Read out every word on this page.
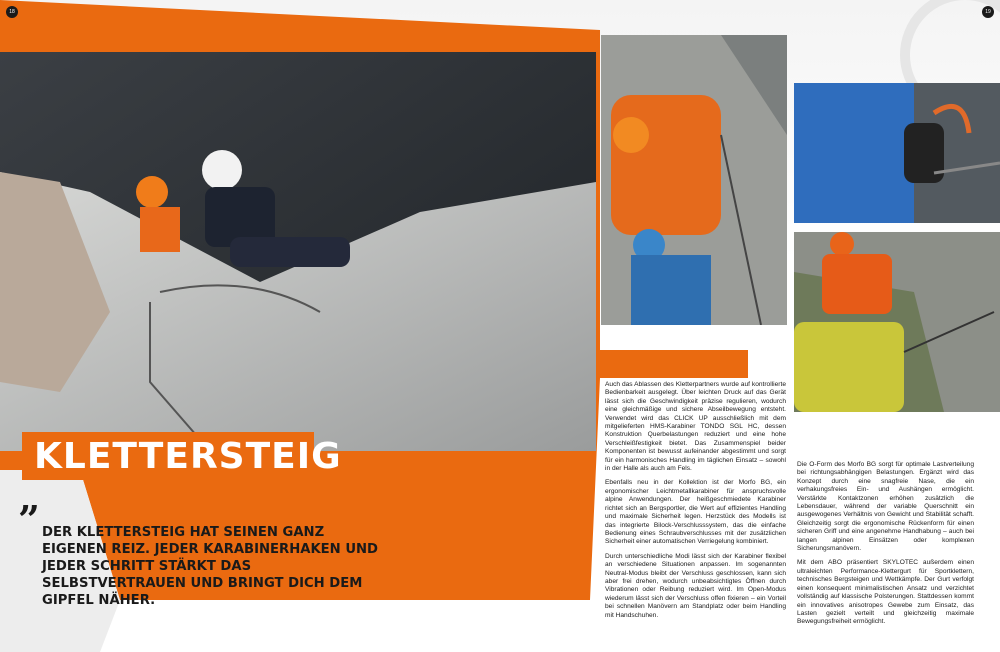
18	19
KLETTERSTEIG
” DER KLETTERSTEIG HAT SEINEN GANZ EIGENEN REIZ. JEDER KARABINERHAKEN UND JEDER SCHRITT STÄRKT DAS SELBSTVERTRAUEN UND BRINGT DICH DEM GIPFEL NÄHER.

Auch das Ablassen des Kletterpartners wurde auf kontrollierte Bedienbarkeit ausgelegt. Über leichten Druck auf das Gerät lässt sich die Geschwindigkeit präzise regulieren, wodurch eine gleichmäßige und sichere Abseilbewegung entsteht. Verwendet wird das CLICK UP ausschließlich mit dem mitgelieferten HMS-Karabiner TONDO SGL HC, dessen Konstruktion Querbelastungen reduziert und eine hohe Verschleißfestigkeit bietet. Das Zusammenspiel beider Komponenten ist bewusst aufeinander abgestimmt und sorgt für ein harmonisches Handling im täglichen Einsatz – sowohl in der Halle als auch am Fels.

Ebenfalls neu in der Kollektion ist der Morfo BG, ein ergonomischer Leichtmetallkarabiner für anspruchsvolle alpine Anwendungen. Der heißgeschmiedete Karabiner richtet sich an Bergsportler, die Wert auf effizientes Handling und maximale Sicherheit legen. Herzstück des Modells ist das integrierte Bilock-Verschlusssystem, das die einfache Bedienung eines Schraubverschlusses mit der zusätzlichen Sicherheit einer automatischen Verriegelung kombiniert.

Durch unterschiedliche Modi lässt sich der Karabiner flexibel an verschiedene Situationen anpassen. Im sogenannten Neutral-Modus bleibt der Verschluss geschlossen, kann sich aber frei drehen, wodurch unbeabsichtigtes Öffnen durch Vibrationen oder Reibung reduziert wird. Im Open-Modus wiederum lässt sich der Verschluss offen fixieren – ein Vorteil bei schnellen Manövern am Standplatz oder beim Handling mit Handschuhen.

Die O-Form des Morfo BG sorgt für optimale Lastverteilung bei richtungsabhängigen Belastungen. Ergänzt wird das Konzept durch eine snagfreie Nase, die ein verhakungsfreies Ein- und Aushängen ermöglicht. Verstärkte Kontaktzonen erhöhen zusätzlich die Lebensdauer, während der variable Querschnitt ein ausgewogenes Verhältnis von Gewicht und Stabilität schafft. Gleichzeitig sorgt die ergonomische Rückenform für einen sicheren Griff und eine angenehme Handhabung – auch bei langen alpinen Einsätzen oder komplexen Sicherungsmanövern.

Mit dem ABO präsentiert SKYLOTEC außerdem einen ultraleichten Performance-Klettergurt für Sportklettern, technisches Bergsteigen und Wettkämpfe. Der Gurt verfolgt einen konsequent minimalistischen Ansatz und verzichtet vollständig auf klassische Polsterungen. Stattdessen kommt ein innovatives anisotropes Gewebe zum Einsatz, das Lasten gezielt verteilt und gleichzeitig maximale Bewegungsfreiheit ermöglicht.
